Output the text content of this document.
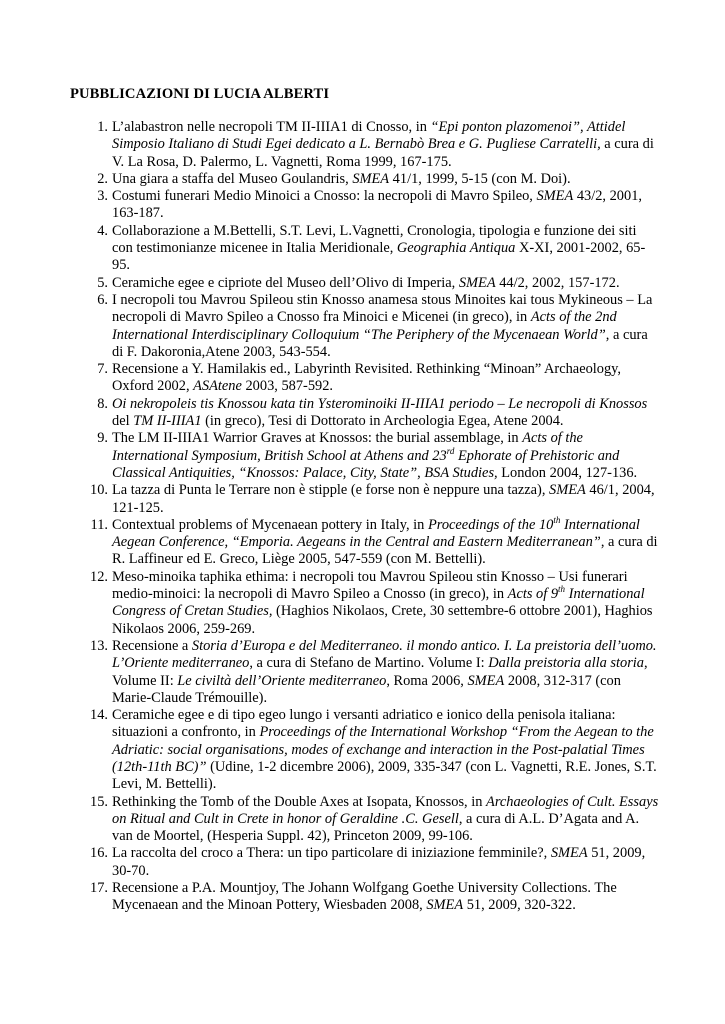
PUBBLICAZIONI DI LUCIA ALBERTI
1. L’alabastron nelle necropoli TM II-IIIA1 di Cnosso, in “Epi ponton plazomenoi”, Attidel Simposio Italiano di Studi Egei dedicato a L. Bernabò Brea e G. Pugliese Carratelli, a cura di V. La Rosa, D. Palermo, L. Vagnetti, Roma 1999, 167-175.
2. Una giara a staffa del Museo Goulandris, SMEA 41/1, 1999, 5-15 (con M. Doi).
3. Costumi funerari Medio Minoici a Cnosso: la necropoli di Mavro Spileo, SMEA 43/2, 2001, 163-187.
4. Collaborazione a M.Bettelli, S.T. Levi, L.Vagnetti, Cronologia, tipologia e funzione dei siti con testimonianze micenee in Italia Meridionale, Geographia Antiqua X-XI, 2001-2002, 65-95.
5. Ceramiche egee e cipriote del Museo dell’Olivo di Imperia, SMEA 44/2, 2002, 157-172.
6. I necropoli tou Mavrou Spileou stin Knosso anamesa stous Minoites kai tous Mykineous – La necropoli di Mavro Spileo a Cnosso fra Minoici e Micenei (in greco), in Acts of the 2nd International Interdisciplinary Colloquium “The Periphery of the Mycenaean World”, a cura di F. Dakoronia,Atene 2003, 543-554.
7. Recensione a Y. Hamilakis ed., Labyrinth Revisited. Rethinking “Minoan” Archaeology, Oxford 2002, ASAtene 2003, 587-592.
8. Oi nekropoleis tis Knossou kata tin Ysterominoiki II-IIIA1 periodo – Le necropoli di Knossos del TM II-IIIA1 (in greco), Tesi di Dottorato in Archeologia Egea, Atene 2004.
9. The LM II-IIIA1 Warrior Graves at Knossos: the burial assemblage, in Acts of the International Symposium, British School at Athens and 23rd Ephorate of Prehistoric and Classical Antiquities, “Knossos: Palace, City, State”, BSA Studies, London 2004, 127-136.
10. La tazza di Punta le Terrare non è stipple (e forse non è neppure una tazza), SMEA 46/1, 2004, 121-125.
11. Contextual problems of Mycenaean pottery in Italy, in Proceedings of the 10th International Aegean Conference, “Emporia. Aegeans in the Central and Eastern Mediterranean”, a cura di R. Laffineur ed E. Greco, Liège 2005, 547-559 (con M. Bettelli).
12. Meso-minoika taphika ethima: i necropoli tou Mavrou Spileou stin Knosso – Usi funerari medio-minoici: la necropoli di Mavro Spileo a Cnosso (in greco), in Acts of 9th International Congress of Cretan Studies, (Haghios Nikolaos, Crete, 30 settembre-6 ottobre 2001), Haghios Nikolaos 2006, 259-269.
13. Recensione a Storia d’Europa e del Mediterraneo. il mondo antico. I. La preistoria dell’uomo. L’Oriente mediterraneo, a cura di Stefano de Martino. Volume I: Dalla preistoria alla storia, Volume II: Le civiltà dell’Oriente mediterraneo, Roma 2006, SMEA 2008, 312-317 (con Marie-Claude Trémouille).
14. Ceramiche egee e di tipo egeo lungo i versanti adriatico e ionico della penisola italiana: situazioni a confronto, in Proceedings of the International Workshop “From the Aegean to the Adriatic: social organisations, modes of exchange and interaction in the Post-palatial Times (12th-11th BC)” (Udine, 1-2 dicembre 2006), 2009, 335-347 (con L. Vagnetti, R.E. Jones, S.T. Levi, M. Bettelli).
15. Rethinking the Tomb of the Double Axes at Isopata, Knossos, in Archaeologies of Cult. Essays on Ritual and Cult in Crete in honor of Geraldine .C. Gesell, a cura di A.L. D’Agata and A. van de Moortel, (Hesperia Suppl. 42), Princeton 2009, 99-106.
16. La raccolta del croco a Thera: un tipo particolare di iniziazione femminile?, SMEA 51, 2009, 30-70.
17. Recensione a P.A. Mountjoy, The Johann Wolfgang Goethe University Collections. The Mycenaean and the Minoan Pottery, Wiesbaden 2008, SMEA 51, 2009, 320-322.
